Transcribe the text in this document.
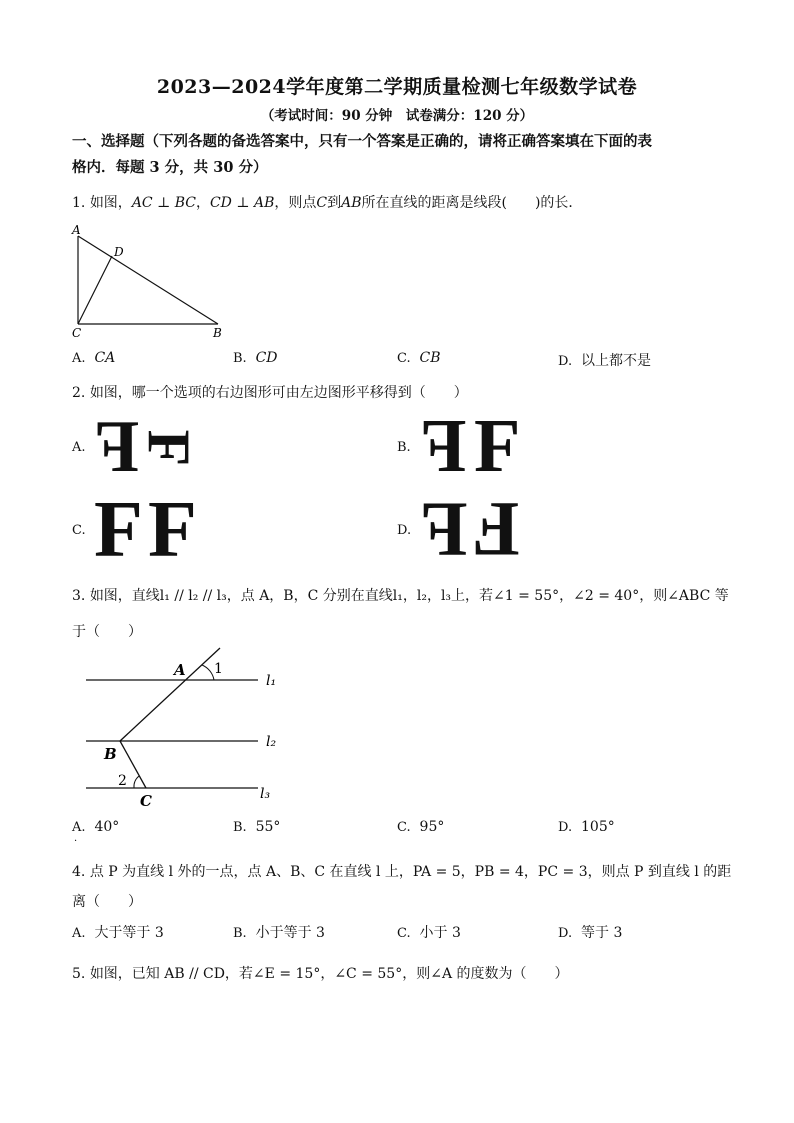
2023—2024学年度第二学期质量检测七年级数学试卷
（考试时间：90 分钟　试卷满分：120 分）
一、选择题（下列各题的备选答案中，只有一个答案是正确的，请将正确答案填在下面的表
格内．每题 3 分，共 30 分）
1. 如图，AC ⊥ BC，CD ⊥ AB，则点C到AB所在直线的距离是线段(　　)的长．
A
D
C	B
A. CA	B. CD	C. CB	D. 以上都不是
2. 如图，哪一个选项的右边图形可由左边图形平移得到（　　）
A. F
F	B. F F
C. F F	D. F F
3. 如图，直线l₁ // l₂ // l₃，点 A，B，C 分别在直线l₁，l₂，l₃上，若∠1 = 55°，∠2 = 40°，则∠ABC 等
于（　　）
A 1
B
2
C
l₁
l₂
l₃
A. 40°	B. 55°	C. 95°	D. 105°
·
4. 点 P 为直线 l 外的一点，点 A、B、C 在直线 l 上，PA = 5，PB = 4，PC = 3，则点 P 到直线 l 的距
离（　　）
A. 大于等于 3	B. 小于等于 3	C. 小于 3	D. 等于 3
5. 如图，已知 AB // CD，若∠E = 15°，∠C = 55°，则∠A 的度数为（　　）
